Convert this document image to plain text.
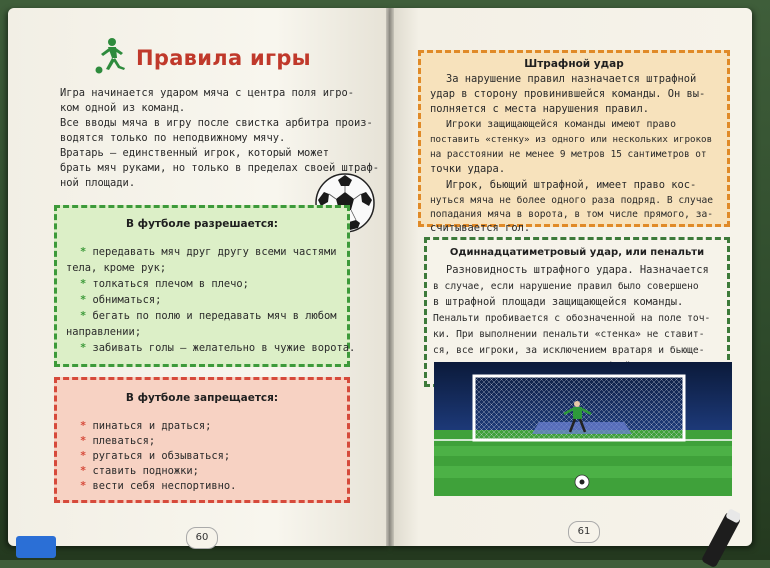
Правила игры
Игра начинается ударом мяча с центра поля игро-
ком одной из команд.
Все вводы мяча в игру после свистка арбитра произ-
водятся только по неподвижному мячу.
Вратарь — единственный игрок, который может
брать мяч руками, но только в пределах своей штраф-
ной площади.
В футболе разрешается:
* передавать мяч друг другу всеми частями
тела, кроме рук;
* толкаться плечом в плечо;
* обниматься;
* бегать по полю и передавать мяч в любом
направлении;
* забивать голы — желательно в чужие ворота.
В футболе запрещается:
* пинаться и драться;
* плеваться;
* ругаться и обзываться;
* ставить подножки;
* вести себя неспортивно.
60
Штрафной удар
За нарушение правил назначается штрафной
удар в сторону провинившейся команды. Он вы-
полняется с места нарушения правил.
Игроки защищающейся команды имеют право
поставить «стенку» из одного или нескольких игроков
на расстоянии не менее 9 метров 15 сантиметров от
точки удара.
Игрок, бьющий штрафной, имеет право кос-
нуться мяча не более одного раза подряд. В случае
попадания мяча в ворота, в том числе прямого, за-
считывается гол.
Одиннадцатиметровый удар, или пенальти
Разновидность штрафного удара. Назначается
в случае, если нарушение правил было совершено
в штрафной площади защищающейся команды.
Пенальти пробивается с обозначенной на поле точ-
ки. При выполнении пенальти «стенка» не ставит-
ся, все игроки, за исключением вратаря и бьюще-
61
